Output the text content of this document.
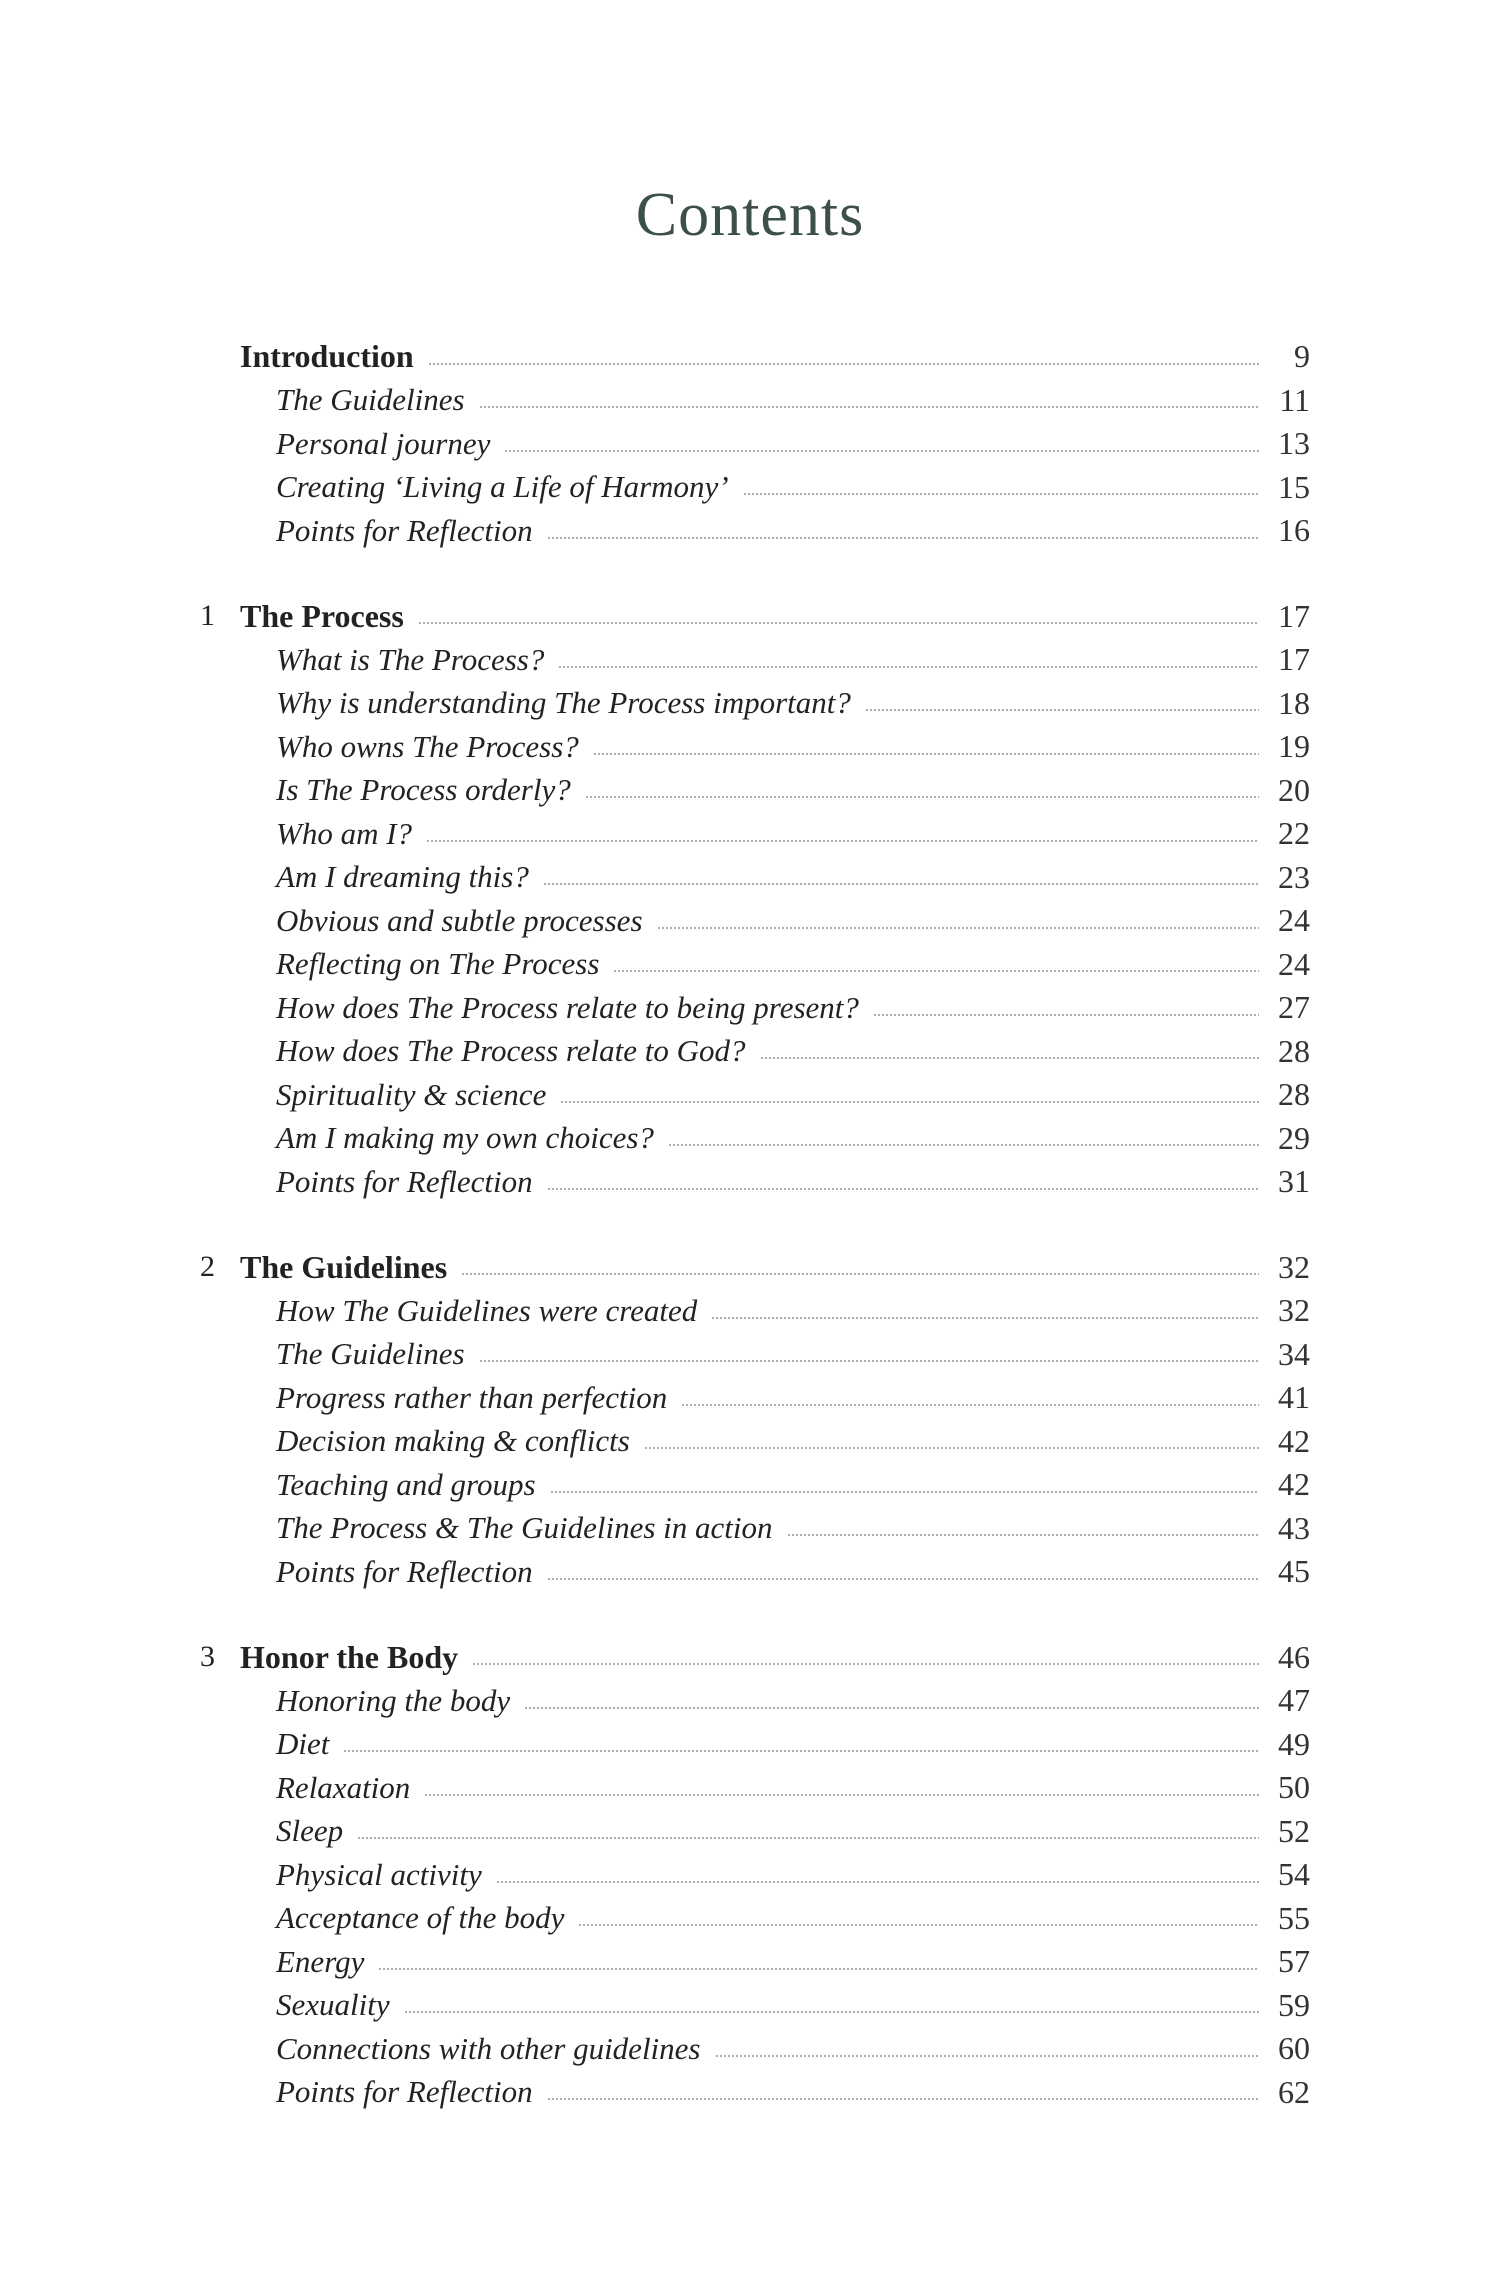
Contents
Introduction	9
The Guidelines	11
Personal journey	13
Creating ‘Living a Life of Harmony’	15
Points for Reflection	16
1 The Process	17
What is The Process?	17
Why is understanding The Process important?	18
Who owns The Process?	19
Is The Process orderly?	20
Who am I?	22
Am I dreaming this?	23
Obvious and subtle processes	24
Reflecting on The Process	24
How does The Process relate to being present?	27
How does The Process relate to God?	28
Spirituality & science	28
Am I making my own choices?	29
Points for Reflection	31
2 The Guidelines	32
How The Guidelines were created	32
The Guidelines	34
Progress rather than perfection	41
Decision making & conflicts	42
Teaching and groups	42
The Process & The Guidelines in action	43
Points for Reflection	45
3 Honor the Body	46
Honoring the body	47
Diet	49
Relaxation	50
Sleep	52
Physical activity	54
Acceptance of the body	55
Energy	57
Sexuality	59
Connections with other guidelines	60
Points for Reflection	62
